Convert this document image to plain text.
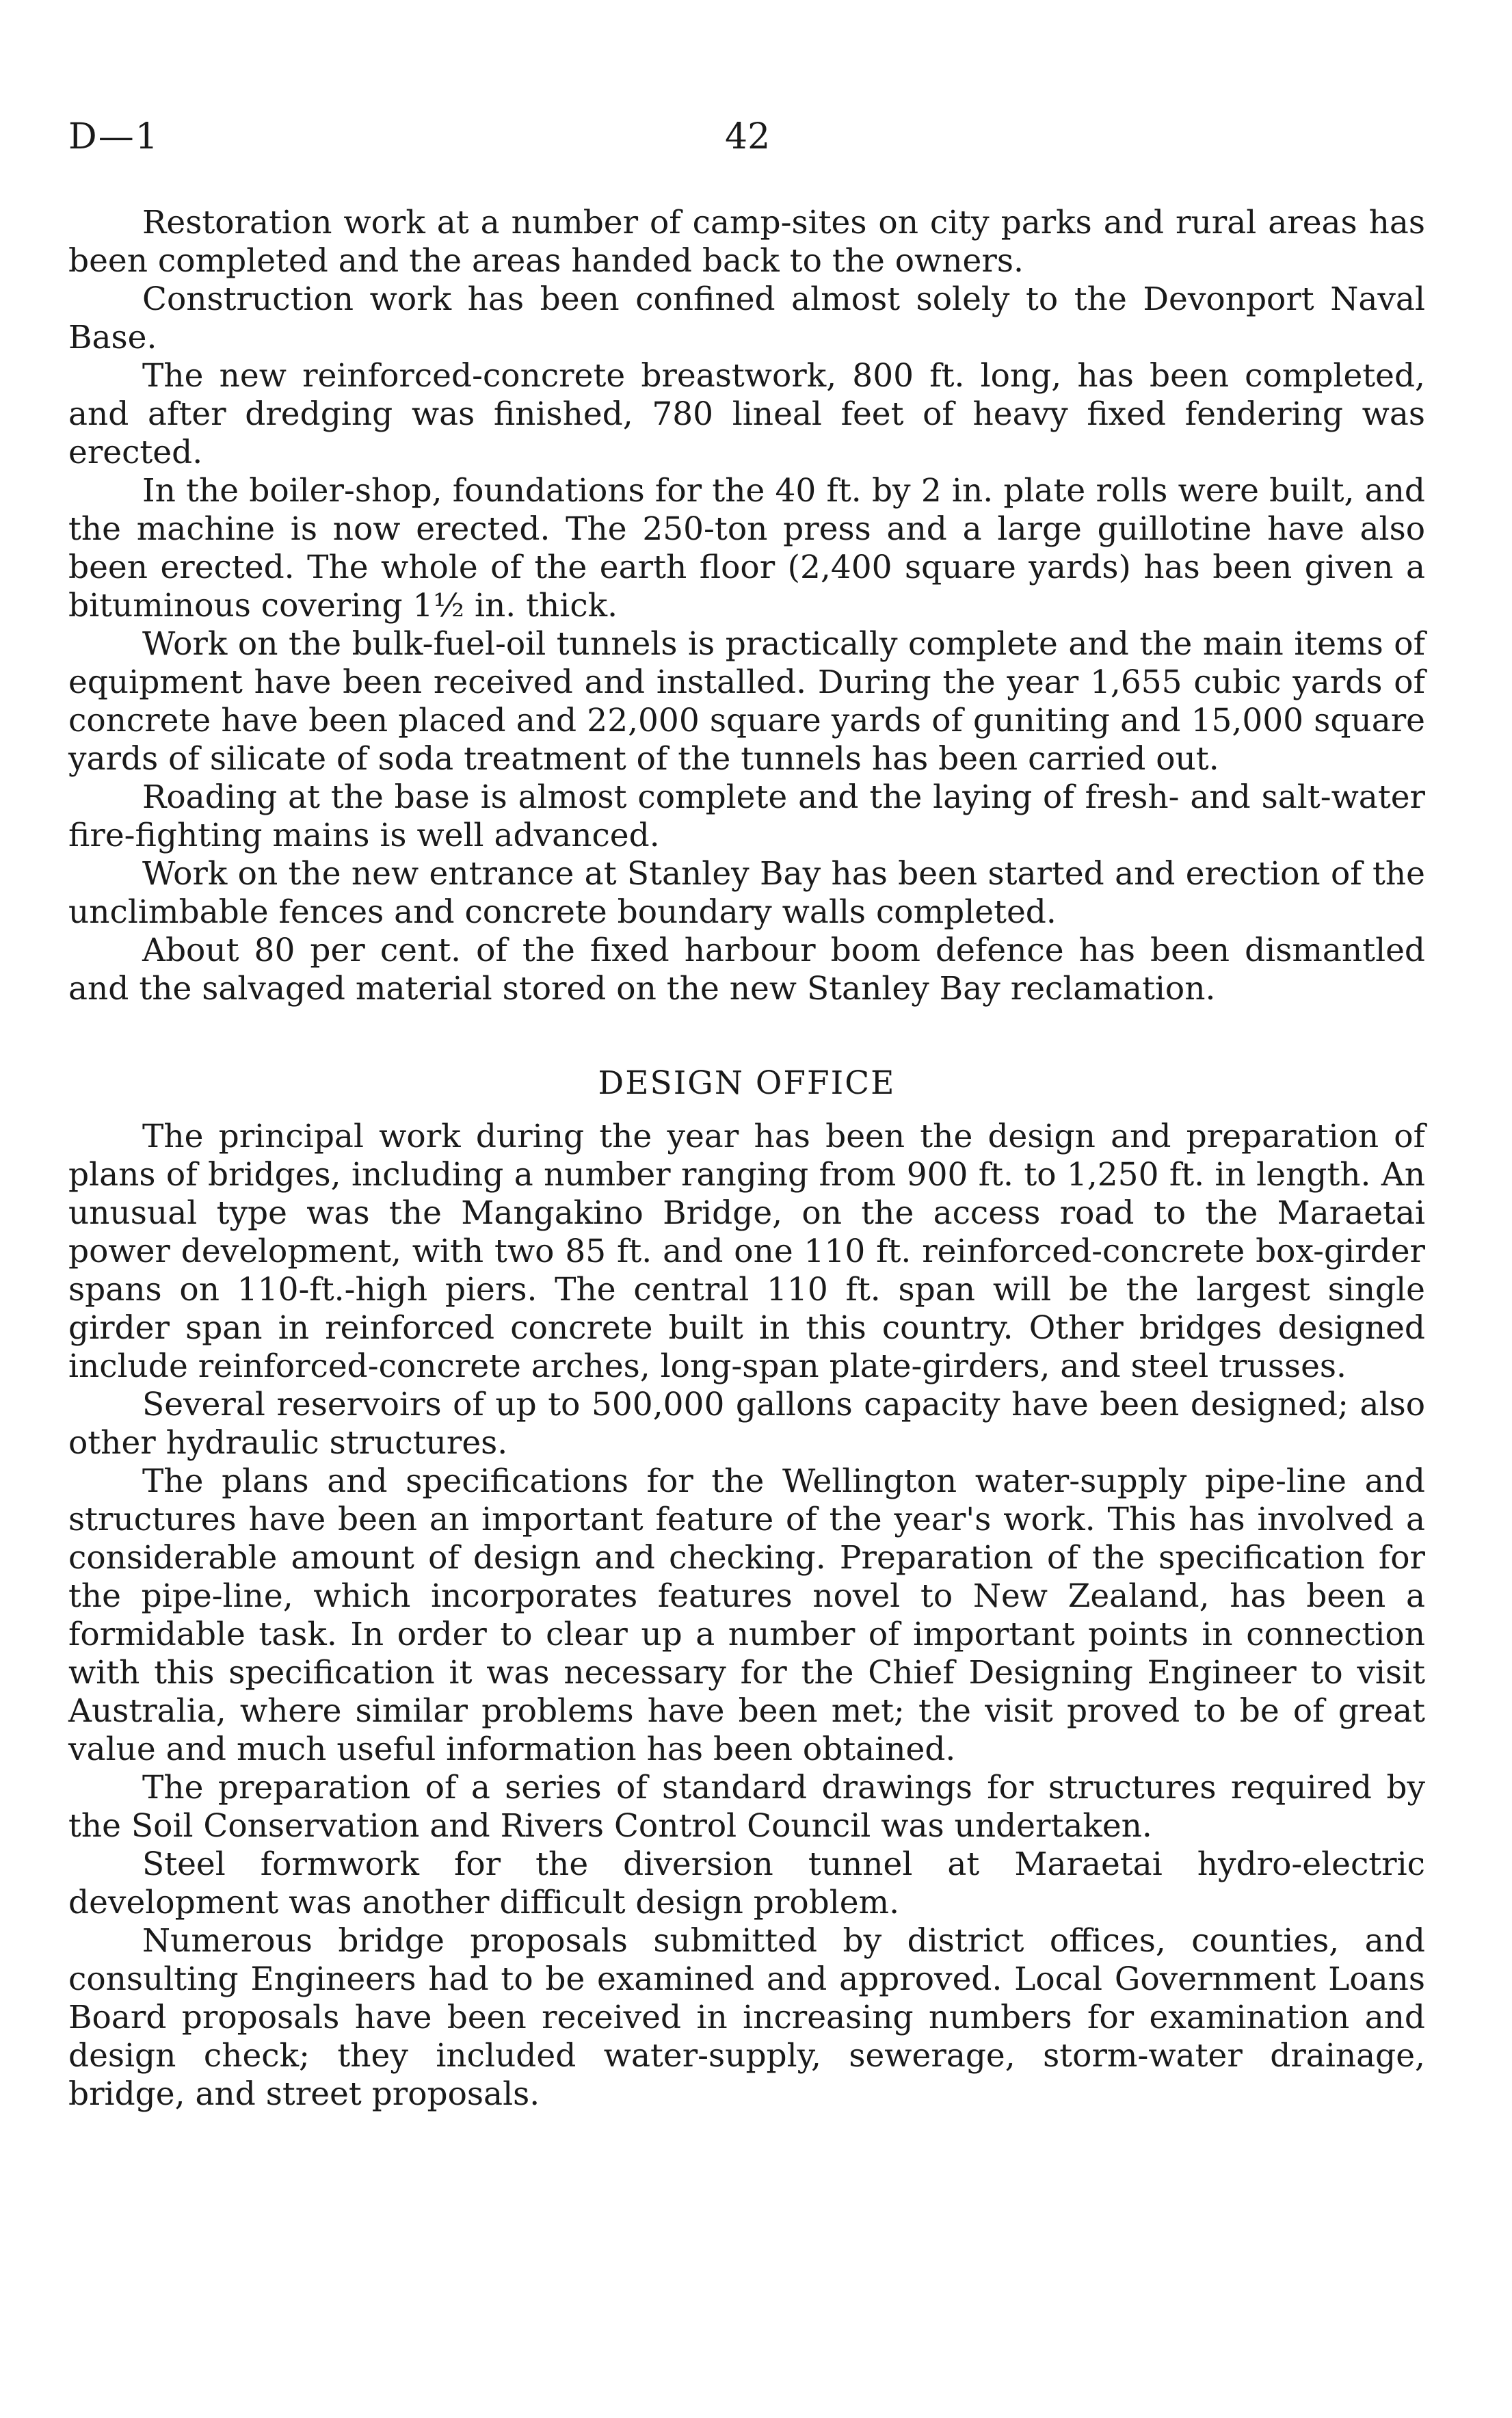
D—1	42

Restoration work at a number of camp-sites on city parks and rural areas has been completed and the areas handed back to the owners.

Construction work has been confined almost solely to the Devonport Naval Base.

The new reinforced-concrete breastwork, 800 ft. long, has been completed, and after dredging was finished, 780 lineal feet of heavy fixed fendering was erected.

In the boiler-shop, foundations for the 40 ft. by 2 in. plate rolls were built, and the machine is now erected. The 250-ton press and a large guillotine have also been erected. The whole of the earth floor (2,400 square yards) has been given a bituminous covering 1½ in. thick.

Work on the bulk-fuel-oil tunnels is practically complete and the main items of equipment have been received and installed. During the year 1,655 cubic yards of concrete have been placed and 22,000 square yards of guniting and 15,000 square yards of silicate of soda treatment of the tunnels has been carried out.

Roading at the base is almost complete and the laying of fresh- and salt-water fire-fighting mains is well advanced.

Work on the new entrance at Stanley Bay has been started and erection of the unclimbable fences and concrete boundary walls completed.

About 80 per cent. of the fixed harbour boom defence has been dismantled and the salvaged material stored on the new Stanley Bay reclamation.

DESIGN OFFICE

The principal work during the year has been the design and preparation of plans of bridges, including a number ranging from 900 ft. to 1,250 ft. in length. An unusual type was the Mangakino Bridge, on the access road to the Maraetai power development, with two 85 ft. and one 110 ft. reinforced-concrete box-girder spans on 110-ft.-high piers. The central 110 ft. span will be the largest single girder span in reinforced concrete built in this country. Other bridges designed include reinforced-concrete arches, long-span plate-girders, and steel trusses.

Several reservoirs of up to 500,000 gallons capacity have been designed; also other hydraulic structures.

The plans and specifications for the Wellington water-supply pipe-line and structures have been an important feature of the year's work. This has involved a considerable amount of design and checking. Preparation of the specification for the pipe-line, which incorporates features novel to New Zealand, has been a formidable task. In order to clear up a number of important points in connection with this specification it was necessary for the Chief Designing Engineer to visit Australia, where similar problems have been met; the visit proved to be of great value and much useful information has been obtained.

The preparation of a series of standard drawings for structures required by the Soil Conservation and Rivers Control Council was undertaken.

Steel formwork for the diversion tunnel at Maraetai hydro-electric development was another difficult design problem.

Numerous bridge proposals submitted by district offices, counties, and consulting Engineers had to be examined and approved. Local Government Loans Board proposals have been received in increasing numbers for examination and design check; they included water-supply, sewerage, storm-water drainage, bridge, and street proposals.
